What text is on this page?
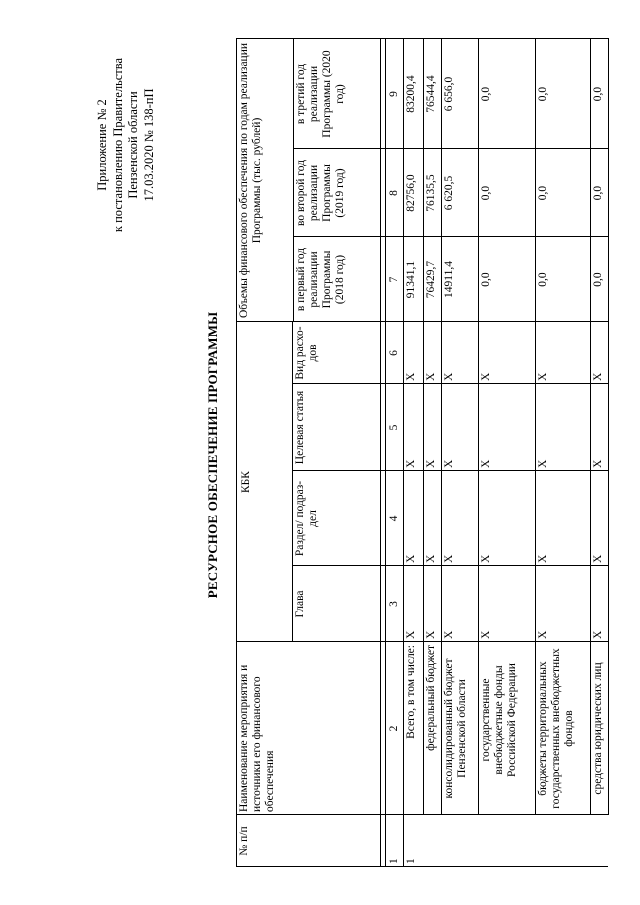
Приложение № 2 к постановлению Правительства Пензенской области 17.03.2020 № 138-пП
РЕСУРСНОЕ ОБЕСПЕЧЕНИЕ ПРОГРАММЫ
№ п/п
Наименование мероприятия и источники его финансового обеспечения
КБК
Глава
Раздел/ подраз- дел
Целевая статья
Вид расхо- дов
Объемы финансового обеспечения по годам реализации Программы (тыс. рублей)
в первый год реализации Программы (2018 год)
во второй год реализации Программы (2019 год)
в третий год реализации Программы (2020 год)
1
2
3
4
5
6
7
8
9
1
Всего, в том числе:
Х
Х
Х
Х
91341,1
82756,0
83200,4
федеральный бюджет
Х
Х
Х
Х
76429,7
76135,5
76544,4
консолидированный бюджет Пензенской области
Х
Х
Х
Х
14911,4
6 620,5
6 656,0
государственные внебюджетные фонды Российской Федерации
Х
Х
Х
Х
0,0
0,0
0,0
бюджеты территориальных государственных внебюджетных фондов
Х
Х
Х
Х
0,0
0,0
0,0
средства юридических лиц
Х
Х
Х
Х
0,0
0,0
0,0
